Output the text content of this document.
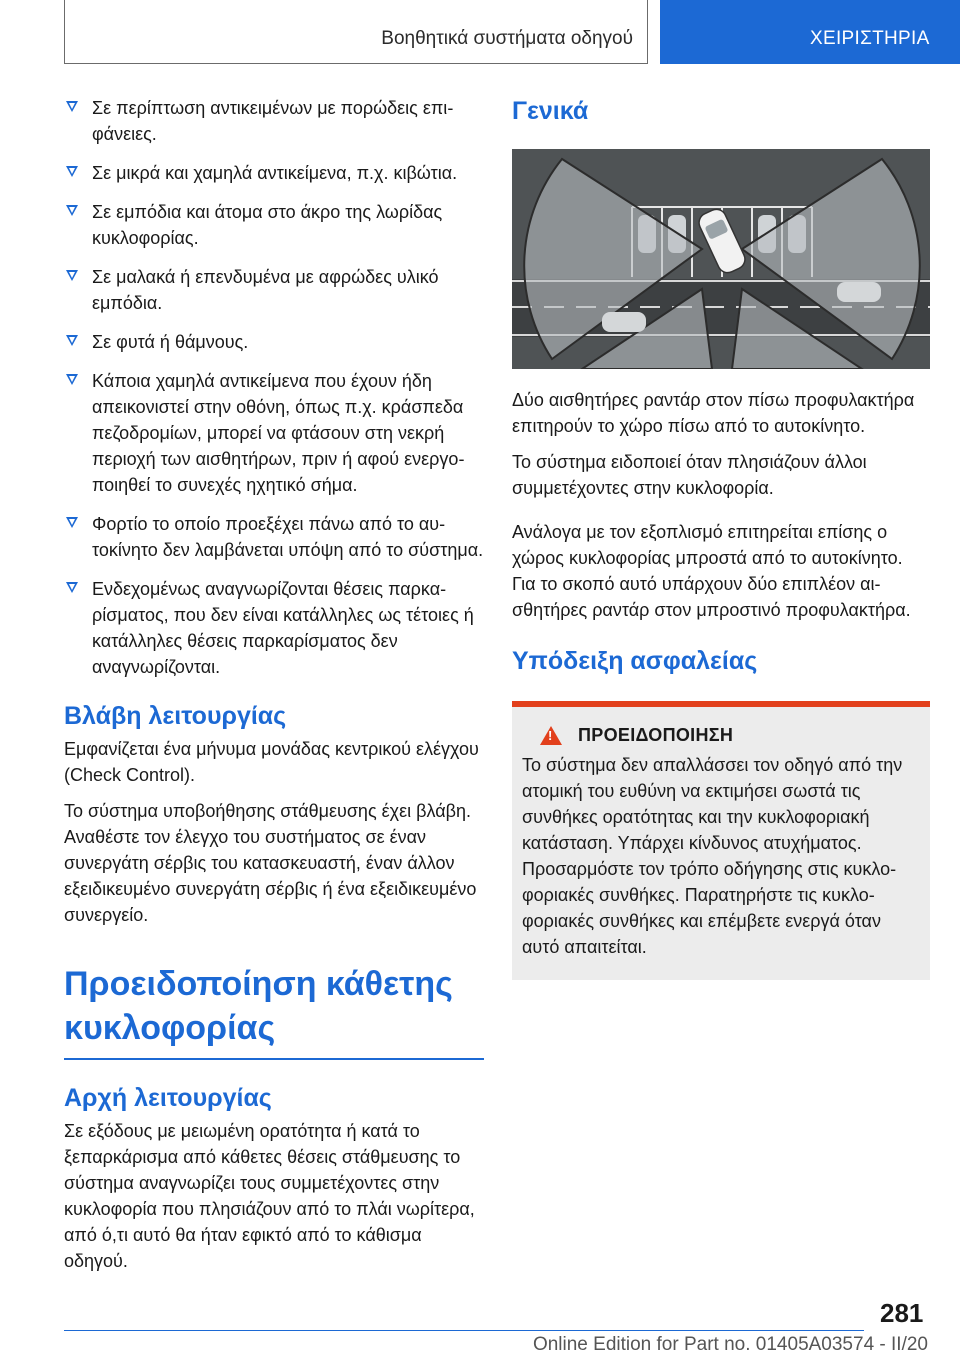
Βοηθητικά συστήματα οδηγού	ΧΕΙΡΙΣΤΗΡΙΑ
Σε περίπτωση αντικειμένων με πορώδεις επιφάνειες.
Σε μικρά και χαμηλά αντικείμενα, π.χ. κιβώτια.
Σε εμπόδια και άτομα στο άκρο της λωρίδας κυκλοφορίας.
Σε μαλακά ή επενδυμένα με αφρώδες υλικό εμπόδια.
Σε φυτά ή θάμνους.
Κάποια χαμηλά αντικείμενα που έχουν ήδη απεικονιστεί στην οθόνη, όπως π.χ. κράσπεδα πεζοδρομίων, μπορεί να φτάσουν στη νεκρή περιοχή των αισθητήρων, πριν ή αφού ενεργοποιηθεί το συνεχές ηχητικό σήμα.
Φορτίο το οποίο προεξέχει πάνω από το αυτοκίνητο δεν λαμβάνεται υπόψη από το σύστημα.
Ενδεχομένως αναγνωρίζονται θέσεις παρκαρίσματος, που δεν είναι κατάλληλες ως τέτοιες ή κατάλληλες θέσεις παρκαρίσματος δεν αναγνωρίζονται.
Βλάβη λειτουργίας

Εμφανίζεται ένα μήνυμα μονάδας κεντρικού ελέγχου (Check Control).

Το σύστημα υποβοήθησης στάθμευσης έχει βλάβη. Αναθέστε τον έλεγχο του συστήματος σε έναν συνεργάτη σέρβις του κατασκευαστή, έναν άλλον εξειδικευμένο συνεργάτη σέρβις ή ένα εξειδικευμένο συνεργείο.

Προειδοποίηση κάθετης κυκλοφορίας
Αρχή λειτουργίας

Σε εξόδους με μειωμένη ορατότητα ή κατά το ξεπαρκάρισμα από κάθετες θέσεις στάθμευσης το σύστημα αναγνωρίζει τους συμμετέχοντες στην κυκλοφορία που πλησιάζουν από το πλάι νωρίτερα, από ό,τι αυτό θα ήταν εφικτό από το κάθισμα οδηγού.

Γενικά

Δύο αισθητήρες ραντάρ στον πίσω προφυλακτήρα επιτηρούν το χώρο πίσω από το αυτοκίνητο.

Το σύστημα ειδοποιεί όταν πλησιάζουν άλλοι συμμετέχοντες στην κυκλοφορία.

Ανάλογα με τον εξοπλισμό επιτηρείται επίσης ο χώρος κυκλοφορίας μπροστά από το αυτοκίνητο. Για το σκοπό αυτό υπάρχουν δύο επιπλέον αισθητήρες ραντάρ στον μπροστινό προφυλακτήρα.

Υπόδειξη ασφαλείας
!
ΠΡΟΕΙΔΟΠΟΙΗΣΗ

Το σύστημα δεν απαλλάσσει τον οδηγό από την ατομική του ευθύνη να εκτιμήσει σωστά τις συνθήκες ορατότητας και την κυκλοφοριακή κατάσταση. Υπάρχει κίνδυνος ατυχήματος. Προσαρμόστε τον τρόπο οδήγησης στις κυκλοφοριακές συνθήκες. Παρατηρήστε τις κυκλοφοριακές συνθήκες και επέμβετε ενεργά όταν αυτό απαιτείται.

281
Online Edition for Part no. 01405A03574 - II/20
